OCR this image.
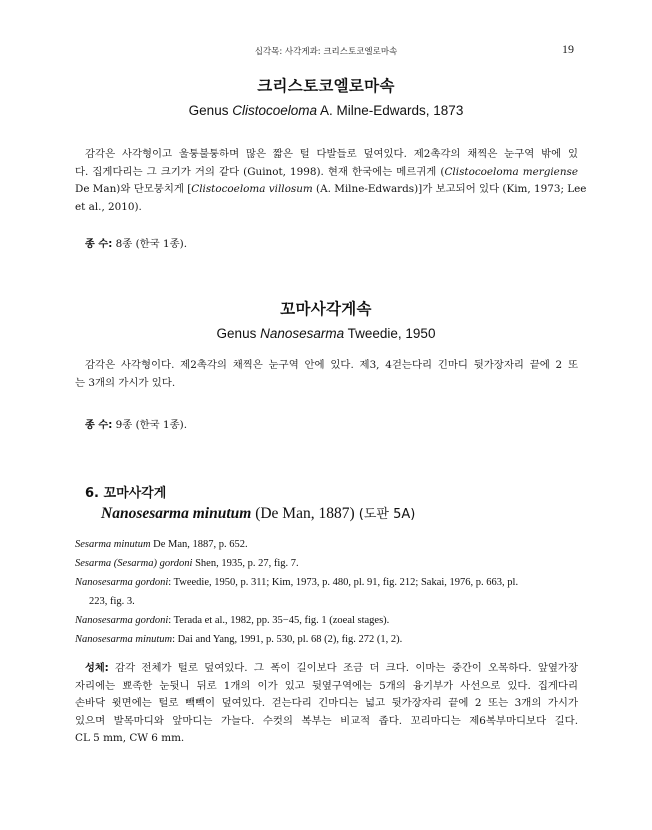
십각목: 사각게과: 크리스토코엘로마속	19
크리스토코엘로마속
Genus Clistocoeloma A. Milne-Edwards, 1873
감각은 사각형이고 울퉁불퉁하며 많은 짧은 털 다발들로 덮여있다. 제2촉각의 채찍은 눈구역 밖에 있
다. 집게다리는 그 크기가 거의 같다 (Guinot, 1998). 현재 한국에는 메르귀게 (Clistocoeloma mergiense
De Man)와 단모뭉치게 [Clistocoeloma villosum (A. Milne-Edwards)]가 보고되어 있다 (Kim, 1973; Lee
et al., 2010).
종 수: 8종 (한국 1종).
꼬마사각게속
Genus Nanosesarma Tweedie, 1950
감각은 사각형이다. 제2촉각의 채찍은 눈구역 안에 있다. 제3, 4걷는다리 긴마디 뒷가장자리 끝에 2 또
는 3개의 가시가 있다.
종 수: 9종 (한국 1종).
6. 꼬마사각게
Nanosesarma minutum (De Man, 1887) (도판 5A)
Sesarma minutum De Man, 1887, p. 652.
Sesarma (Sesarma) gordoni Shen, 1935, p. 27, fig. 7.
Nanosesarma gordoni: Tweedie, 1950, p. 311; Kim, 1973, p. 480, pl. 91, fig. 212; Sakai, 1976, p. 663, pl.
223, fig. 3.
Nanosesarma gordoni: Terada et al., 1982, pp. 35−45, fig. 1 (zoeal stages).
Nanosesarma minutum: Dai and Yang, 1991, p. 530, pl. 68 (2), fig. 272 (1, 2).
성체: 감각 전체가 털로 덮여있다. 그 폭이 길이보다 조금 더 크다. 이마는 중간이 오목하다. 앞옆가장
자리에는 뾰족한 눈뒷니 뒤로 1개의 이가 있고 뒷옆구역에는 5개의 융기부가 사선으로 있다. 집게다리
손바닥 윗면에는 털로 빽빽이 덮여있다. 걷는다리 긴마디는 넓고 뒷가장자리 끝에 2 또는 3개의 가시가
있으며 발목마디와 앞마디는 가늘다. 수컷의 복부는 비교적 좁다. 꼬리마디는 제6복부마디보다 길다.
CL 5 mm, CW 6 mm.
